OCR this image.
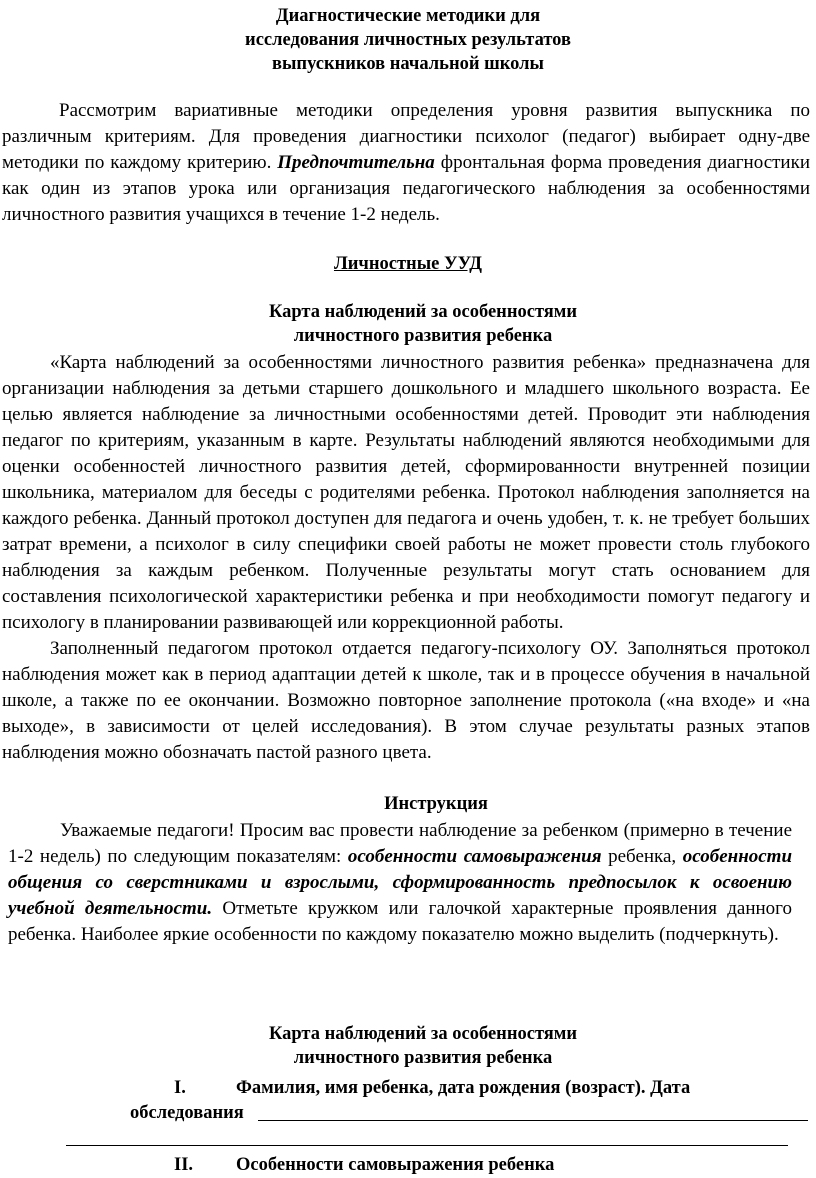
Диагностические методики для

исследования личностных результатов

выпускников начальной школы

Рассмотрим вариативные методики определения уровня развития выпускника по различным критериям. Для проведения диагностики психолог (педагог) выбирает одну-две методики по каждому критерию. Предпочтительна фронтальная форма проведения диагностики как один из этапов урока или организация педагогического наблюдения за особенностями личностного развития учащихся в течение 1-2 недель.

Личностные УУД

Карта наблюдений за особенностями

личностного развития ребенка

«Карта наблюдений за особенностями личностного развития ребенка» предназначена для организации наблюдения за детьми старшего дошкольного и младшего школьного возраста. Ее целью является наблюдение за личностными особенностями детей. Проводит эти наблюдения педагог по критериям, указанным в карте. Результаты наблюдений являются необходимыми для оценки особенностей личностного развития детей, сформированности внутренней позиции школьника, материалом для беседы с родителями ребенка. Протокол наблюдения заполняется на каждого ребенка. Данный протокол доступен для педагога и очень удобен, т. к. не требует больших затрат времени, а психолог в силу специфики своей работы не может провести столь глубокого наблюдения за каждым ребенком. Полученные результаты могут стать основанием для составления психологической характеристики ребенка и при необходимости помогут педагогу и психологу в планировании развивающей или коррекционной работы.

Заполненный педагогом протокол отдается педагогу-психологу ОУ. Заполняться протокол наблюдения может как в период адаптации детей к школе, так и в процессе обучения в начальной школе, а также по ее окончании. Возможно повторное заполнение протокола («на входе» и «на выходе», в зависимости от целей исследования). В этом случае результаты разных этапов наблюдения можно обозначать пастой разного цвета.

Инструкция

Уважаемые педагоги! Просим вас провести наблюдение за ребенком (примерно в течение 1-2 недель) по следующим показателям: особенности самовыражения ребенка, особенности общения со сверстниками и взрослыми, сформированность предпосылок к освоению учебной деятельности. Отметьте кружком или галочкой характерные проявления данного ребенка. Наиболее яркие особенности по каждому показателю можно выделить (подчеркнуть).

Карта наблюдений за особенностями

личностного развития ребенка

I.	Фамилия, имя ребенка, дата рождения (возраст). Дата
обследования
II. Особенности самовыражения ребенка
